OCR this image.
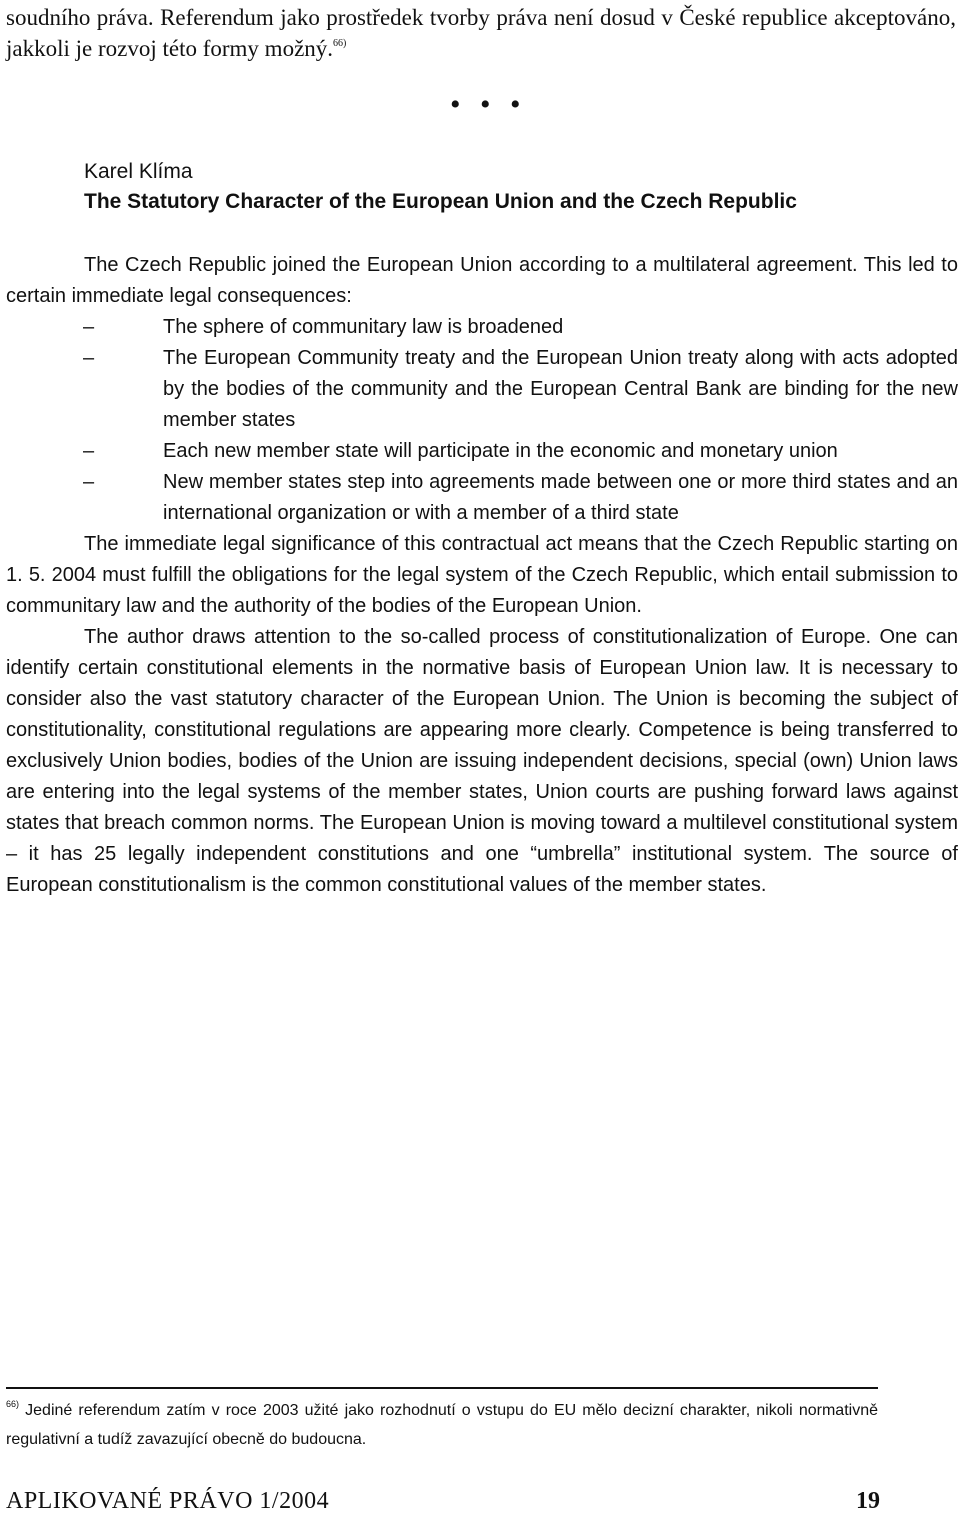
soudního práva. Referendum jako prostředek tvorby práva není dosud v České republice akceptováno, jakkoli je rozvoj této formy možný.$^{66)}$
• • •
Karel Klíma
The Statutory Character of the European Union and the Czech Republic

The Czech Republic joined the European Union according to a multilateral agreement. This led to certain immediate legal consequences:

– The sphere of communitary law is broadened
– The European Community treaty and the European Union treaty along with acts adopted by the bodies of the community and the European Central Bank are binding for the new member states
– Each new member state will participate in the economic and monetary union
– New member states step into agreements made between one or more third states and an international organization or with a member of a third state

The immediate legal significance of this contractual act means that the Czech Republic starting on 1. 5. 2004 must fulfill the obligations for the legal system of the Czech Republic, which entail submission to communitary law and the authority of the bodies of the European Union.

The author draws attention to the so-called process of constitutionalization of Europe. One can identify certain constitutional elements in the normative basis of European Union law. It is necessary to consider also the vast statutory character of the European Union. The Union is becoming the subject of constitutionality, constitutional regulations are appearing more clearly. Competence is being transferred to exclusively Union bodies, bodies of the Union are issuing independent decisions, special (own) Union laws are entering into the legal systems of the member states, Union courts are pushing forward laws against states that breach common norms. The European Union is moving toward a multilevel constitutional system – it has 25 legally independent constitutions and one “umbrella” institutional system. The source of European constitutionalism is the common constitutional values of the member states.

$^{66)}$ Jediné referendum zatím v roce 2003 užité jako rozhodnutí o vstupu do EU mělo decizní charakter, nikoli normativně regulativní a tudíž zavazující obecně do budoucna.
APLIKOVANÉ PRÁVO 1/2004	19
